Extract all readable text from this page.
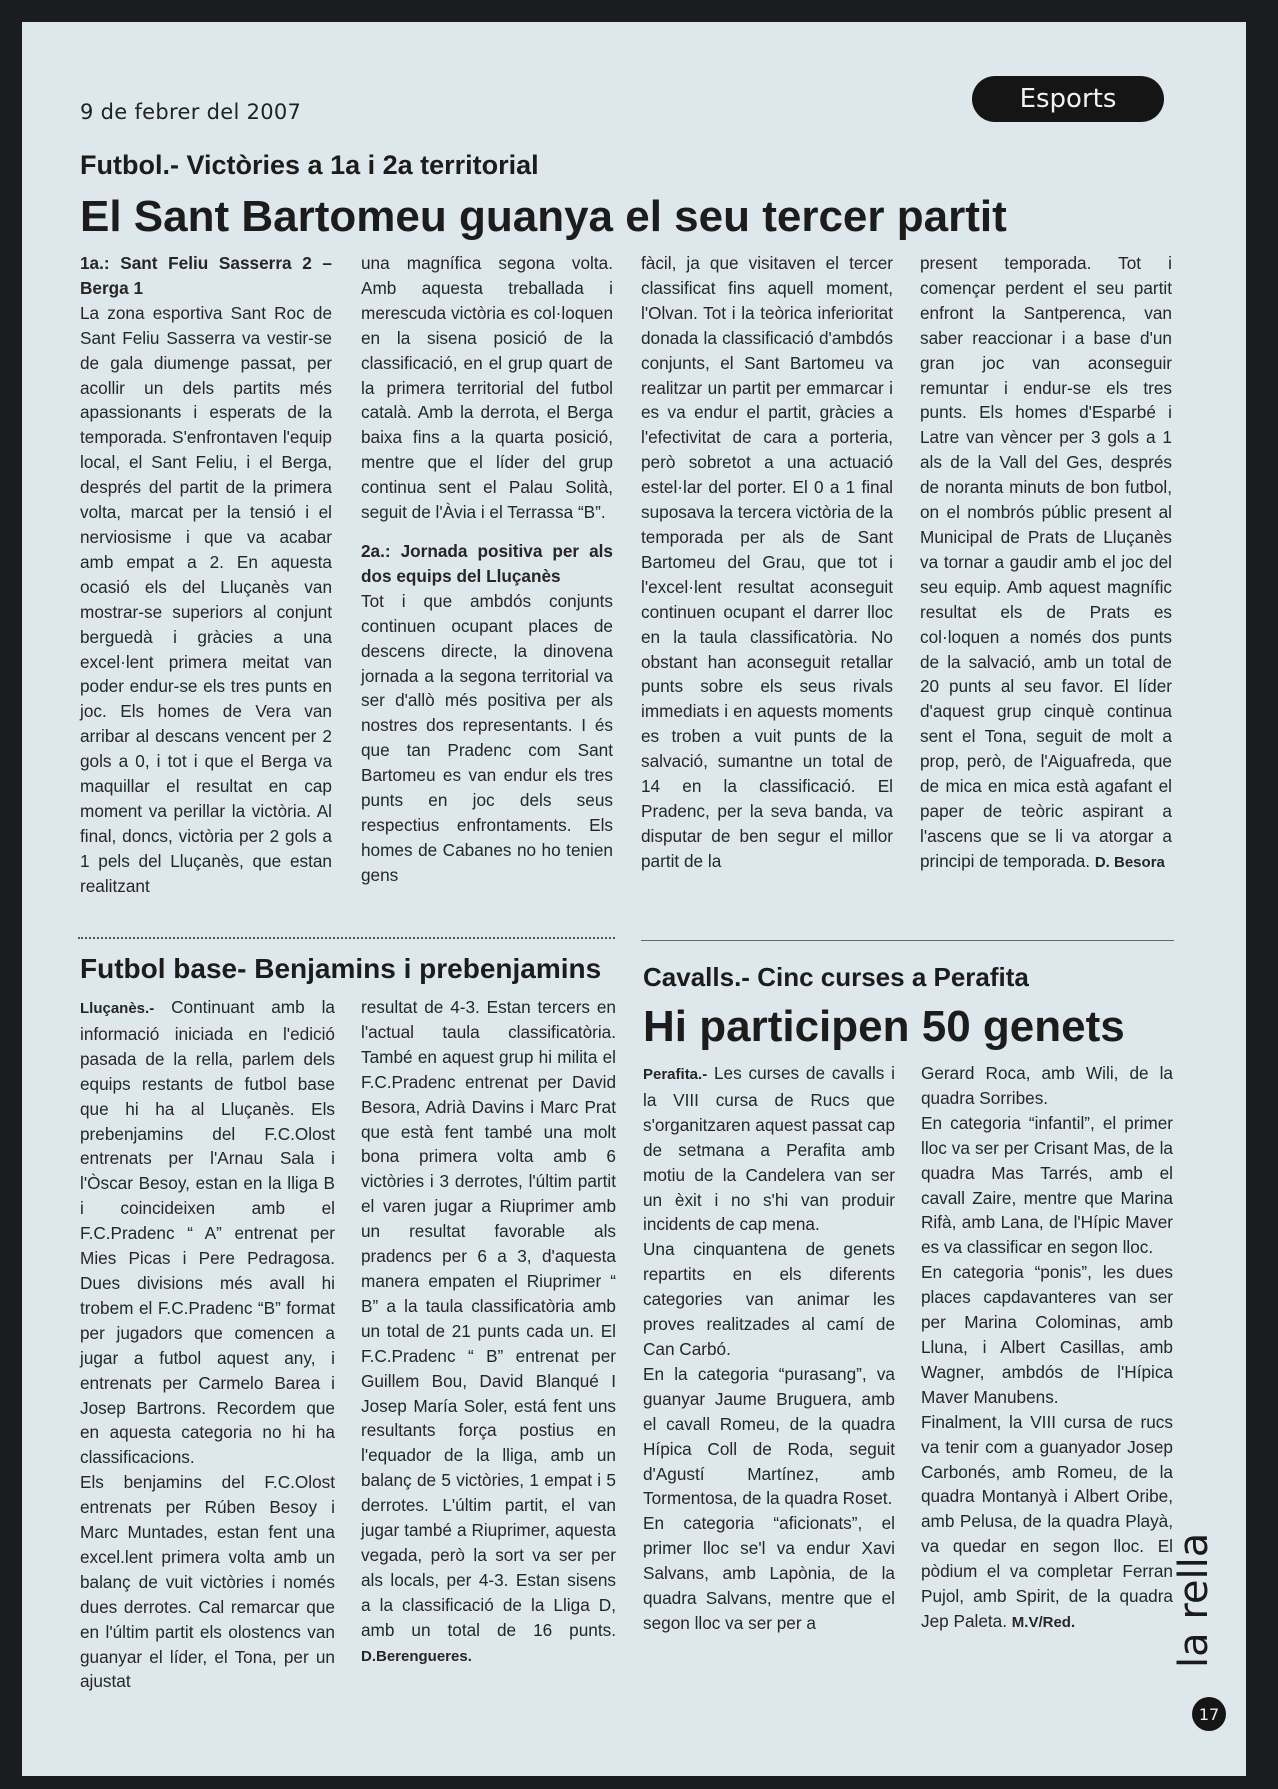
9 de febrer del 2007	Esports
Futbol.- Victòries a 1a i 2a territorial
El Sant Bartomeu guanya el seu tercer partit
1a.: Sant Feliu Sasserra 2 – Berga 1

La zona esportiva Sant Roc de Sant Feliu Sasserra va vestir-se de gala diumenge passat, per acollir un dels partits més apassionants i esperats de la temporada. S'enfrontaven l'equip local, el Sant Feliu, i el Berga, després del partit de la primera volta, marcat per la tensió i el nerviosisme i que va acabar amb empat a 2. En aquesta ocasió els del Lluçanès van mostrar-se superiors al conjunt berguedà i gràcies a una excel·lent primera meitat van poder endur-se els tres punts en joc. Els homes de Vera van arribar al descans vencent per 2 gols a 0, i tot i que el Berga va maquillar el resultat en cap moment va perillar la victòria. Al final, doncs, victòria per 2 gols a 1 pels del Lluçanès, que estan realitzant

una magnífica segona volta. Amb aquesta treballada i merescuda victòria es col·loquen en la sisena posició de la classificació, en el grup quart de la primera territorial del futbol català. Amb la derrota, el Berga baixa fins a la quarta posició, mentre que el líder del grup continua sent el Palau Solità, seguit de l'Àvia i el Terrassa “B”.

2a.: Jornada positiva per als dos equips del Lluçanès

Tot i que ambdós conjunts continuen ocupant places de descens directe, la dinovena jornada a la segona territorial va ser d'allò més positiva per als nostres dos representants. I és que tan Pradenc com Sant Bartomeu es van endur els tres punts en joc dels seus respectius enfrontaments. Els homes de Cabanes no ho tenien gens

fàcil, ja que visitaven el tercer classificat fins aquell moment, l'Olvan. Tot i la teòrica inferioritat donada la classificació d'ambdós conjunts, el Sant Bartomeu va realitzar un partit per emmarcar i es va endur el partit, gràcies a l'efectivitat de cara a porteria, però sobretot a una actuació estel·lar del porter. El 0 a 1 final suposava la tercera victòria de la temporada per als de Sant Bartomeu del Grau, que tot i l'excel·lent resultat aconseguit continuen ocupant el darrer lloc en la taula classificatòria. No obstant han aconseguit retallar punts sobre els seus rivals immediats i en aquests moments es troben a vuit punts de la salvació, sumantne un total de 14 en la classificació. El Pradenc, per la seva banda, va disputar de ben segur el millor partit de la

present temporada. Tot i començar perdent el seu partit enfront la Santperenca, van saber reaccionar i a base d'un gran joc van aconseguir remuntar i endur-se els tres punts. Els homes d'Esparbé i Latre van vèncer per 3 gols a 1 als de la Vall del Ges, després de noranta minuts de bon futbol, on el nombrós públic present al Municipal de Prats de Lluçanès va tornar a gaudir amb el joc del seu equip. Amb aquest magnífic resultat els de Prats es col·loquen a només dos punts de la salvació, amb un total de 20 punts al seu favor. El líder d'aquest grup cinquè continua sent el Tona, seguit de molt a prop, però, de l'Aiguafreda, que de mica en mica està agafant el paper de teòric aspirant a l'ascens que se li va atorgar a principi de temporada. D. Besora

Futbol base- Benjamins i prebenjamins

Lluçanès.- Continuant amb la informació iniciada en l'edició pasada de la rella, parlem dels equips restants de futbol base que hi ha al Lluçanès. Els prebenjamins del F.C.Olost entrenats per l'Arnau Sala i l'Òscar Besoy, estan en la lliga B i coincideixen amb el F.C.Pradenc “ A” entrenat per Mies Picas i Pere Pedragosa. Dues divisions més avall hi trobem el F.C.Pradenc “B” format per jugadors que comencen a jugar a futbol aquest any, i entrenats per Carmelo Barea i Josep Bartrons. Recordem que en aquesta categoria no hi ha classificacions.

Els benjamins del F.C.Olost entrenats per Rúben Besoy i Marc Muntades, estan fent una excel.lent primera volta amb un balanç de vuit victòries i només dues derrotes. Cal remarcar que en l'últim partit els olostencs van guanyar el líder, el Tona, per un ajustat

resultat de 4-3. Estan tercers en l'actual taula classificatòria. També en aquest grup hi milita el F.C.Pradenc entrenat per David Besora, Adrià Davins i Marc Prat que està fent també una molt bona primera volta amb 6 victòries i 3 derrotes, l'últim partit el varen jugar a Riuprimer amb un resultat favorable als pradencs per 6 a 3, d'aquesta manera empaten el Riuprimer “ B” a la taula classificatòria amb un total de 21 punts cada un. El F.C.Pradenc “ B” entrenat per Guillem Bou, David Blanqué I Josep María Soler, está fent uns resultants força postius en l'equador de la lliga, amb un balanç de 5 victòries, 1 empat i 5 derrotes. L'últim partit, el van jugar també a Riuprimer, aquesta vegada, però la sort va ser per als locals, per 4-3. Estan sisens a la classificació de la Lliga D, amb un total de 16 punts. D.Berengueres.

Cavalls.- Cinc curses a Perafita
Hi participen 50 genets

Perafita.- Les curses de cavalls i la VIII cursa de Rucs que s'organitzaren aquest passat cap de setmana a Perafita amb motiu de la Candelera van ser un èxit i no s'hi van produir incidents de cap mena.

Una cinquantena de genets repartits en els diferents categories van animar les proves realitzades al camí de Can Carbó.

En la categoria “purasang”, va guanyar Jaume Bruguera, amb el cavall Romeu, de la quadra Hípica Coll de Roda, seguit d'Agustí Martínez, amb Tormentosa, de la quadra Roset.

En categoria “aficionats”, el primer lloc se'l va endur Xavi Salvans, amb Lapònia, de la quadra Salvans, mentre que el segon lloc va ser per a

Gerard Roca, amb Wili, de la quadra Sorribes.

En categoria “infantil”, el primer lloc va ser per Crisant Mas, de la quadra Mas Tarrés, amb el cavall Zaire, mentre que Marina Rifà, amb Lana, de l'Hípic Maver es va classificar en segon lloc.

En categoria “ponis”, les dues places capdavanteres van ser per Marina Colominas, amb Lluna, i Albert Casillas, amb Wagner, ambdós de l'Hípica Maver Manubens.

Finalment, la VIII cursa de rucs va tenir com a guanyador Josep Carbonés, amb Romeu, de la quadra Montanyà i Albert Oribe, amb Pelusa, de la quadra Playà, va quedar en segon lloc. El pòdium el va completar Ferran Pujol, amb Spirit, de la quadra Jep Paleta. M.V/Red.	la rella
17
